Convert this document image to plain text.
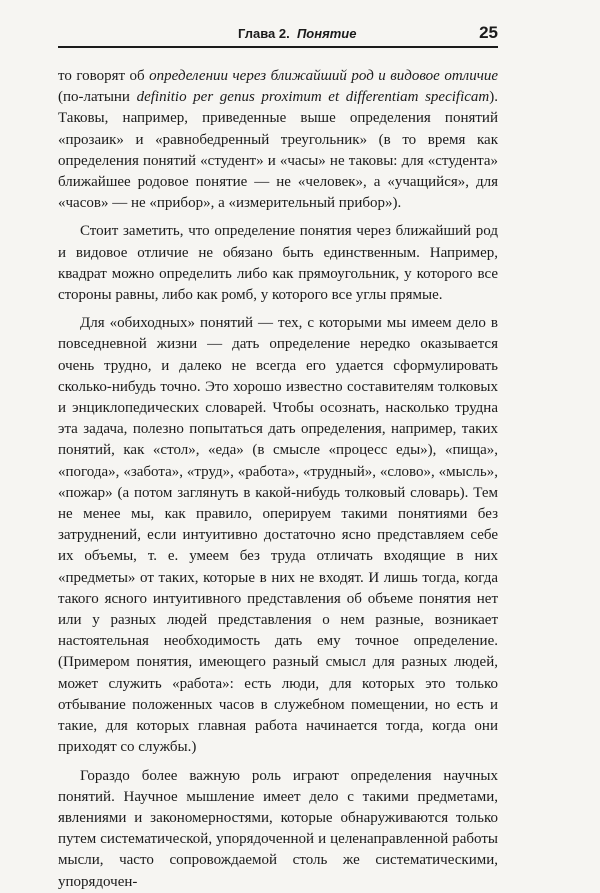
Глава 2. Понятие	25

то говорят об определении через ближайший род и видовое отличие (по-латыни definitio per genus proximum et differentiam specificam). Таковы, например, приведенные выше определения понятий «прозаик» и «равнобедренный треугольник» (в то время как определения понятий «студент» и «часы» не таковы: для «студента» ближайшее родовое понятие — не «человек», а «учащийся», для «часов» — не «прибор», а «измерительный прибор»).

Стоит заметить, что определение понятия через ближайший род и видовое отличие не обязано быть единственным. Например, квадрат можно определить либо как прямоугольник, у которого все стороны равны, либо как ромб, у которого все углы прямые.

Для «обиходных» понятий — тех, с которыми мы имеем дело в повседневной жизни — дать определение нередко оказывается очень трудно, и далеко не всегда его удается сформулировать сколько-нибудь точно. Это хорошо известно составителям толковых и энциклопедических словарей. Чтобы осознать, насколько трудна эта задача, полезно попытаться дать определения, например, таких понятий, как «стол», «еда» (в смысле «процесс еды»), «пища», «погода», «забота», «труд», «работа», «трудный», «слово», «мысль», «пожар» (а потом заглянуть в какой-нибудь толковый словарь). Тем не менее мы, как правило, оперируем такими понятиями без затруднений, если интуитивно достаточно ясно представляем себе их объемы, т. е. умеем без труда отличать входящие в них «предметы» от таких, которые в них не входят. И лишь тогда, когда такого ясного интуитивного представления об объеме понятия нет или у разных людей представления о нем разные, возникает настоятельная необходимость дать ему точное определение. (Примером понятия, имеющего разный смысл для разных людей, может служить «работа»: есть люди, для которых это только отбывание положенных часов в служебном помещении, но есть и такие, для которых главная работа начинается тогда, когда они приходят со службы.)

Гораздо более важную роль играют определения научных понятий. Научное мышление имеет дело с такими предметами, явлениями и закономерностями, которые обнаруживаются только путем систематической, упорядоченной и целенаправленной работы мысли, часто сопровождаемой столь же систематическими, упорядочен-
